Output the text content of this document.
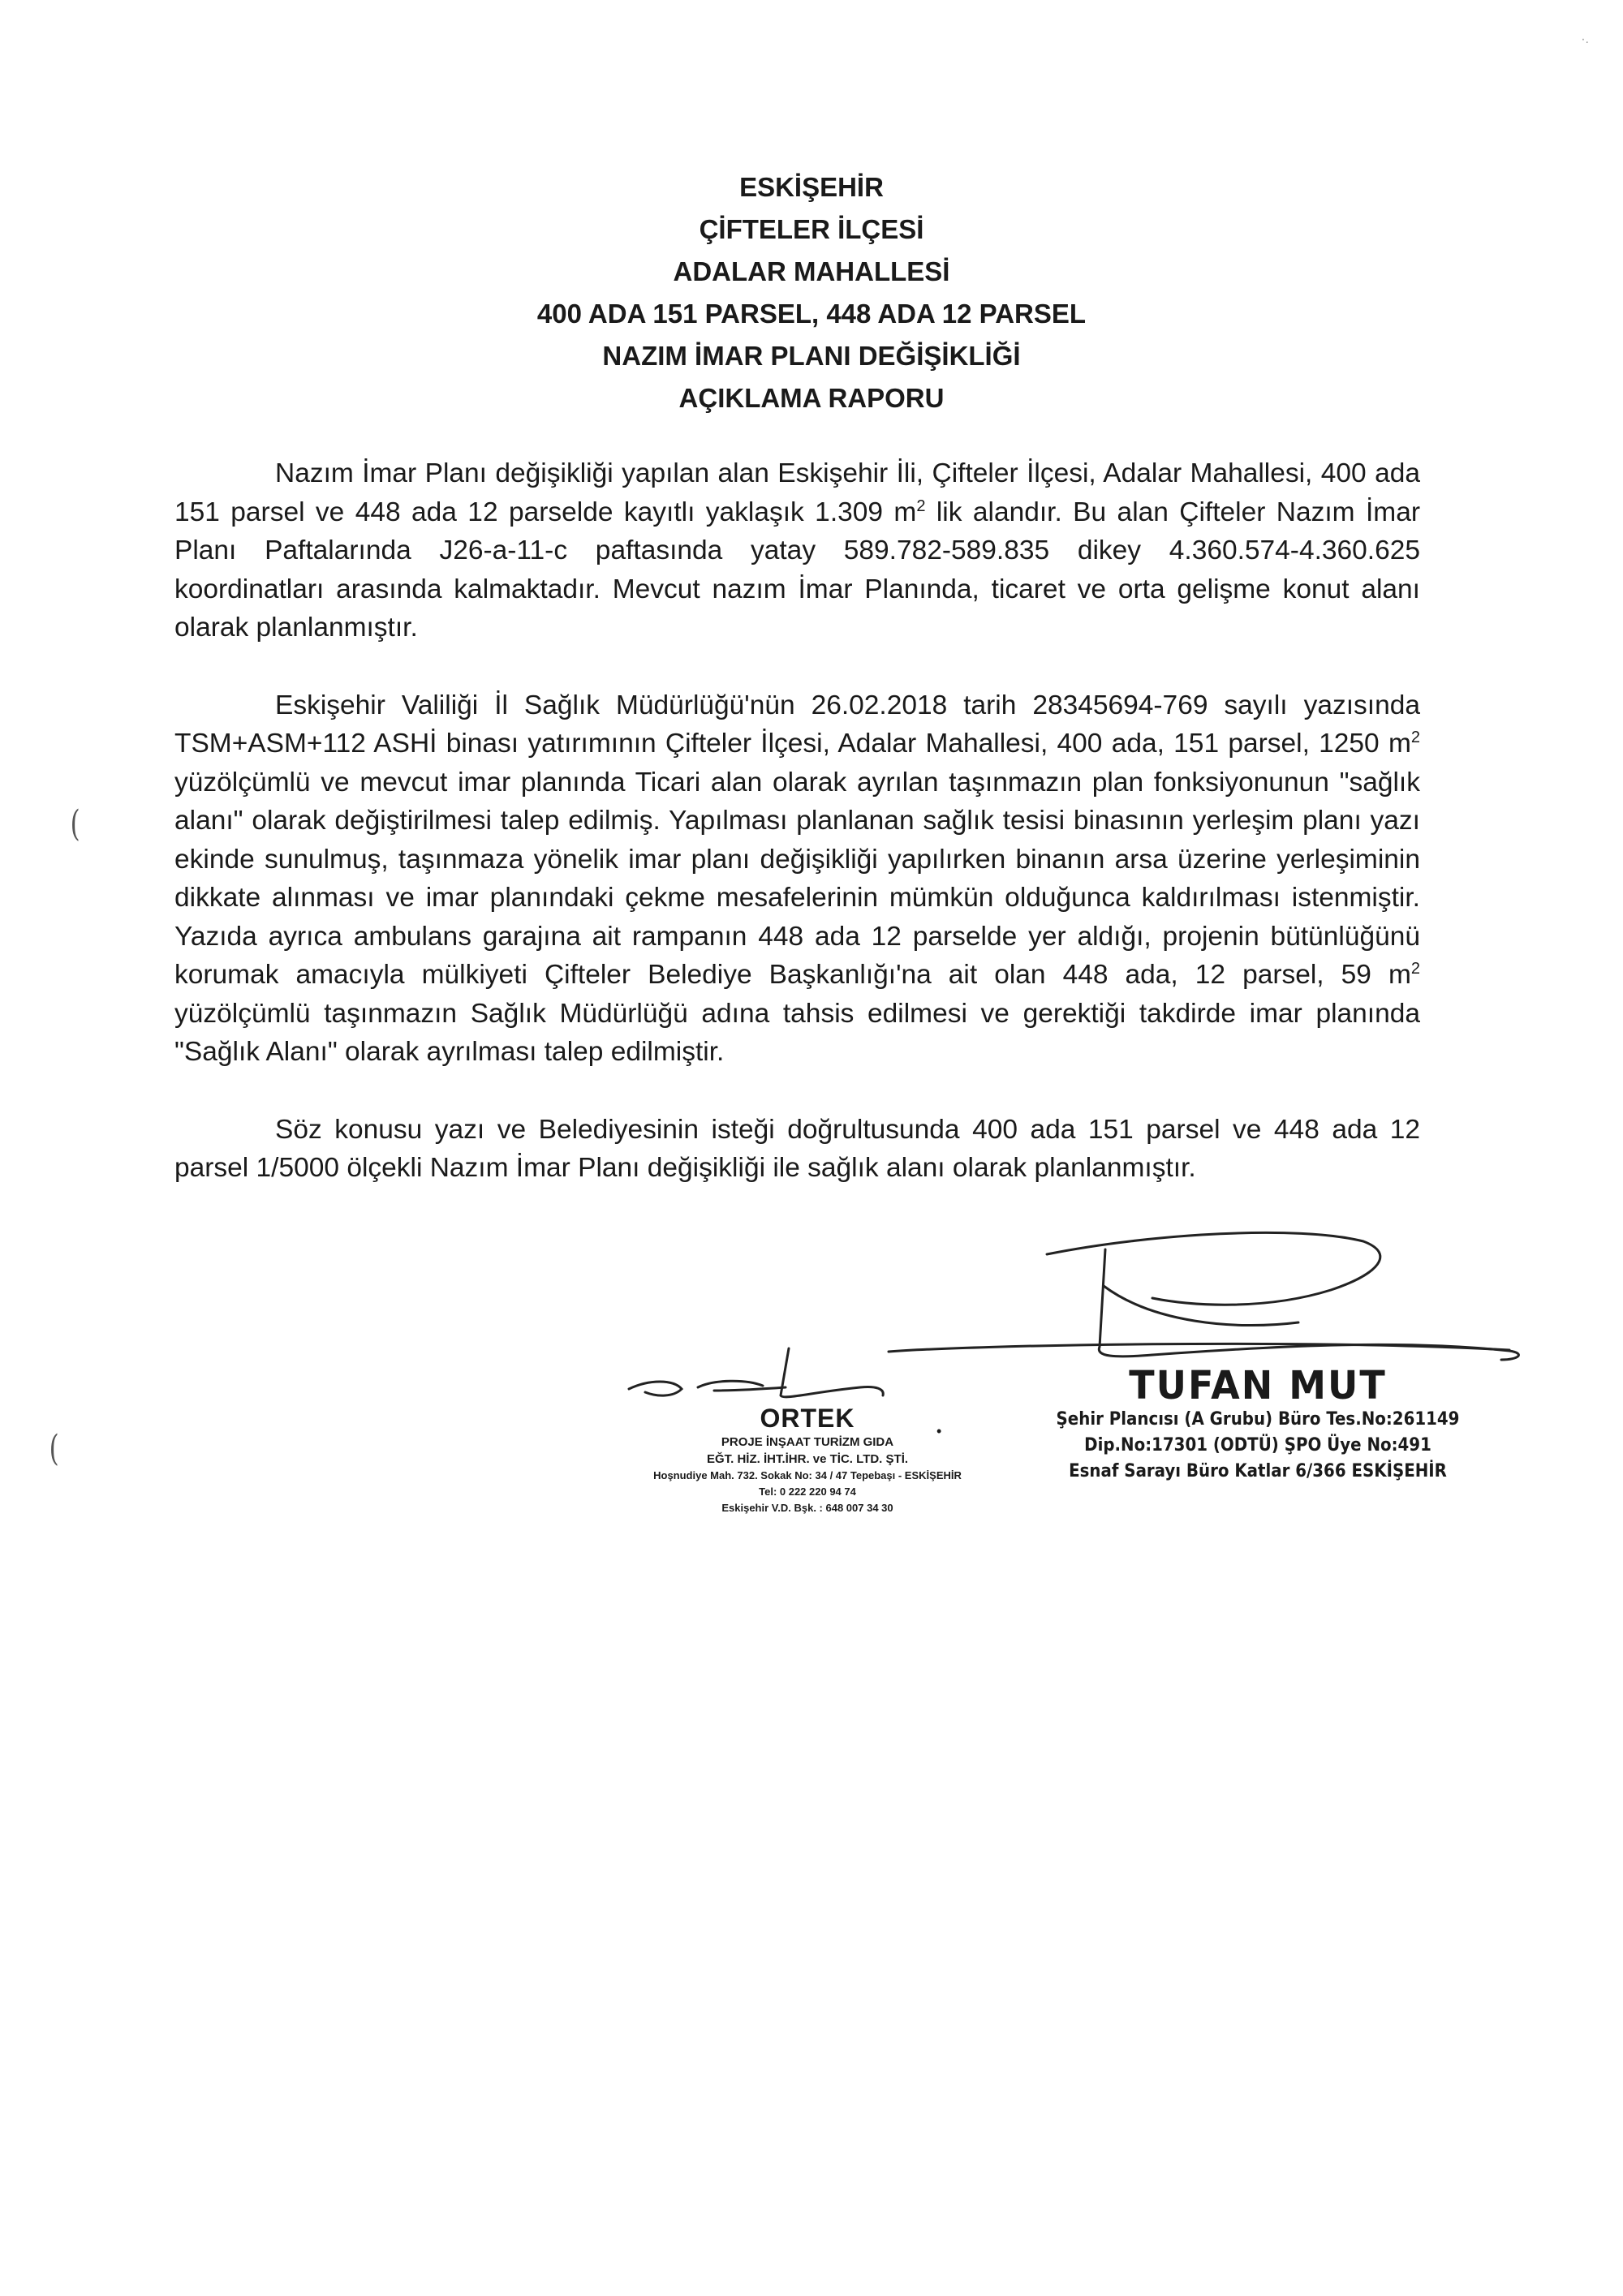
·.
ESKİŞEHİR
ÇİFTELER İLÇESİ
ADALAR MAHALLESİ
400 ADA 151 PARSEL, 448 ADA 12 PARSEL
NAZIM İMAR PLANI DEĞİŞİKLİĞİ
AÇIKLAMA RAPORU

Nazım İmar Planı değişikliği yapılan alan Eskişehir İli, Çifteler İlçesi, Adalar Mahallesi, 400 ada 151 parsel ve 448 ada 12 parselde kayıtlı yaklaşık 1.309 $m^2$ lik alandır. Bu alan Çifteler Nazım İmar Planı Paftalarında J26-a-11-c paftasında yatay 589.782-589.835 dikey 4.360.574-4.360.625 koordinatları arasında kalmaktadır. Mevcut nazım İmar Planında, ticaret ve orta gelişme konut alanı olarak planlanmıştır.

Eskişehir Valiliği İl Sağlık Müdürlüğü'nün 26.02.2018 tarih 28345694-769 sayılı yazısında TSM+ASM+112 ASHİ binası yatırımının Çifteler İlçesi, Adalar Mahallesi, 400 ada, 151 parsel, 1250 $m^2$ yüzölçümlü ve mevcut imar planında Ticari alan olarak ayrılan taşınmazın plan fonksiyonunun "sağlık alanı" olarak değiştirilmesi talep edilmiş. Yapılması planlanan sağlık tesisi binasının yerleşim planı yazı ekinde sunulmuş, taşınmaza yönelik imar planı değişikliği yapılırken binanın arsa üzerine yerleşiminin dikkate alınması ve imar planındaki çekme mesafelerinin mümkün olduğunca kaldırılması istenmiştir. Yazıda ayrıca ambulans garajına ait rampanın 448 ada 12 parselde yer aldığı, projenin bütünlüğünü korumak amacıyla mülkiyeti Çifteler Belediye Başkanlığı'na ait olan 448 ada, 12 parsel, 59 $m^2$ yüzölçümlü taşınmazın Sağlık Müdürlüğü adına tahsis edilmesi ve gerektiği takdirde imar planında "Sağlık Alanı" olarak ayrılması talep edilmiştir.

Söz konusu yazı ve Belediyesinin isteği doğrultusunda 400 ada 151 parsel ve 448 ada 12 parsel 1/5000 ölçekli Nazım İmar Planı değişikliği ile sağlık alanı olarak planlanmıştır.

(
(
ORTEK
PROJE İNŞAAT TURİZM GIDA
EĞT. HİZ. İHT.İHR. ve TİC. LTD. ŞTİ.
Hoşnudiye Mah. 732. Sokak No: 34 / 47 Tepebaşı - ESKİŞEHİR
Tel: 0 222 220 94 74
Eskişehir V.D. Bşk. : 648 007 34 30
•
TUFAN MUT
Şehir Plancısı (A Grubu) Büro Tes.No:261149
Dip.No:17301 (ODTÜ) ŞPO Üye No:491
Esnaf Sarayı Büro Katlar 6/366 ESKİŞEHİR
